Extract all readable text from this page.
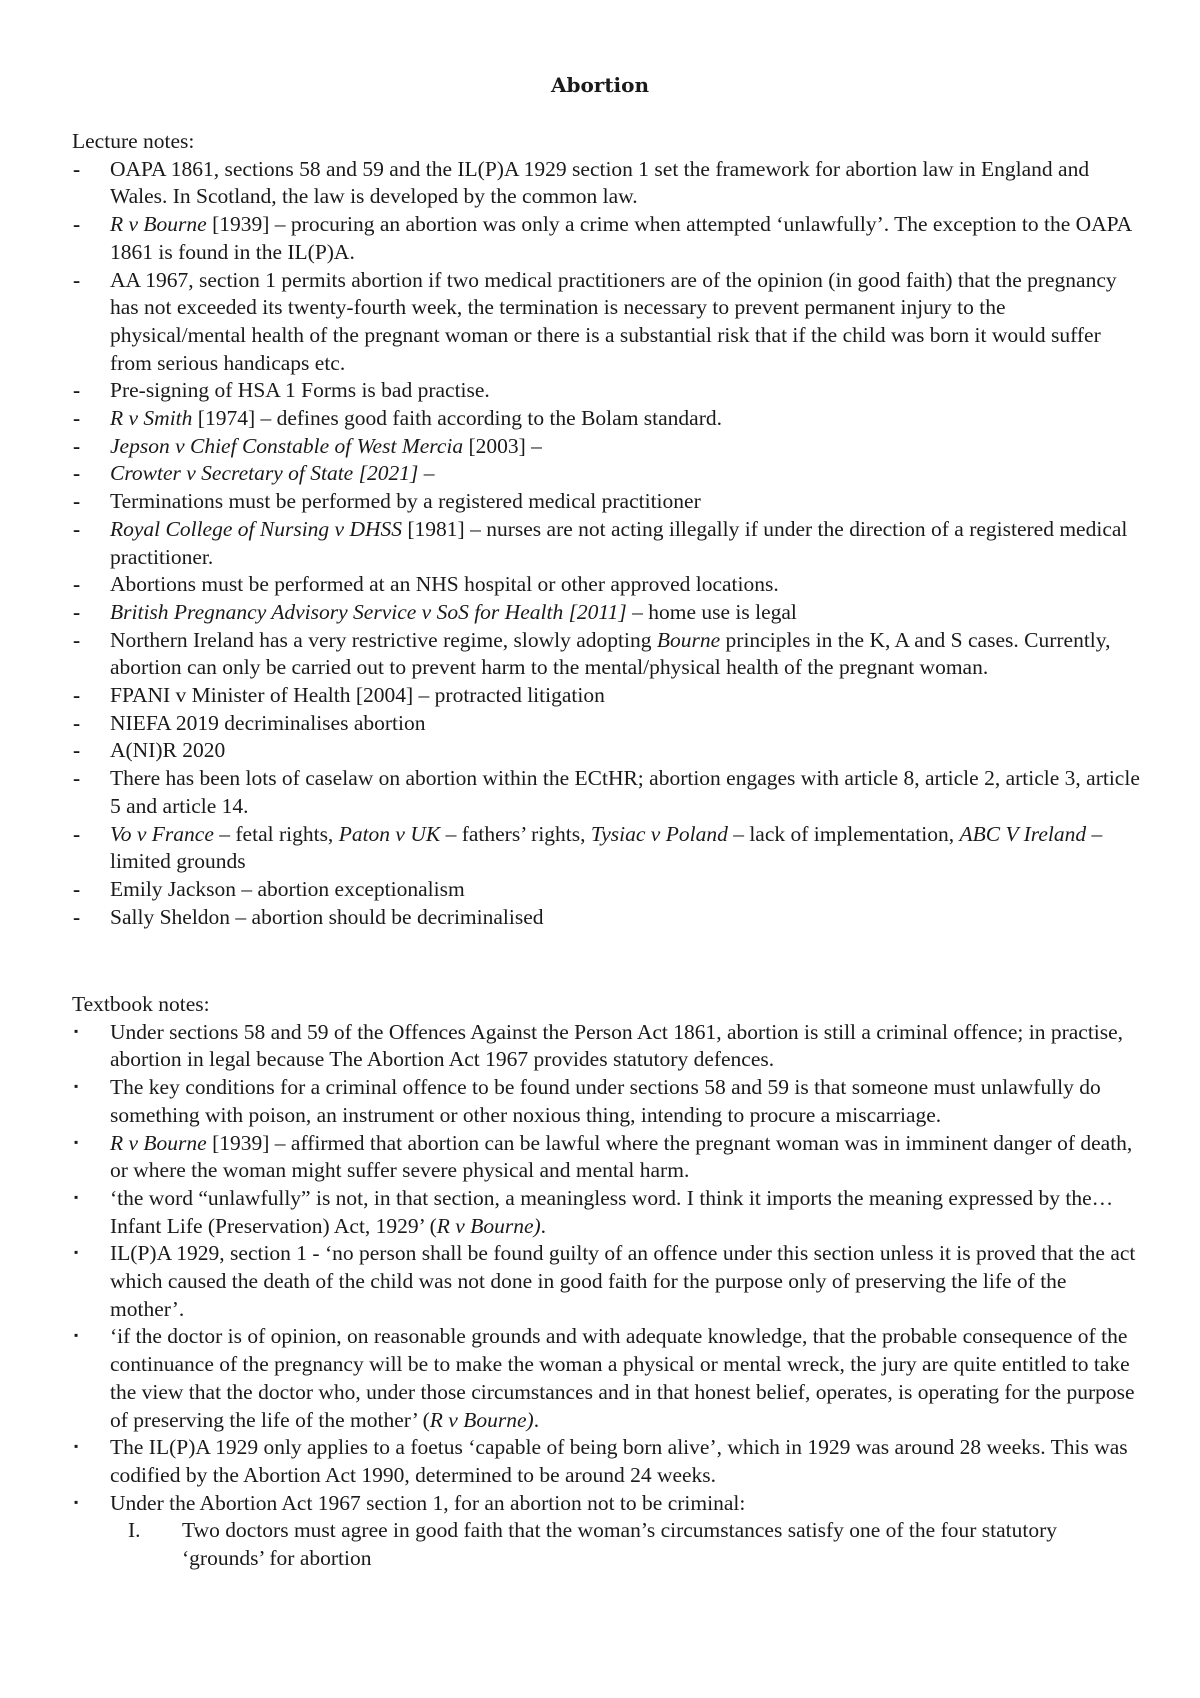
Abortion

Lecture notes:

- OAPA 1861, sections 58 and 59 and the IL(P)A 1929 section 1 set the framework for abortion law in England and Wales. In Scotland, the law is developed by the common law.
- R v Bourne [1939] – procuring an abortion was only a crime when attempted ‘unlawfully’. The exception to the OAPA 1861 is found in the IL(P)A.
- AA 1967, section 1 permits abortion if two medical practitioners are of the opinion (in good faith) that the pregnancy has not exceeded its twenty-fourth week, the termination is necessary to prevent permanent injury to the physical/mental health of the pregnant woman or there is a substantial risk that if the child was born it would suffer from serious handicaps etc.
- Pre-signing of HSA 1 Forms is bad practise.
- R v Smith [1974] – defines good faith according to the Bolam standard.
- Jepson v Chief Constable of West Mercia [2003] –
- Crowter v Secretary of State [2021] –
- Terminations must be performed by a registered medical practitioner
- Royal College of Nursing v DHSS [1981] – nurses are not acting illegally if under the direction of a registered medical practitioner.
- Abortions must be performed at an NHS hospital or other approved locations.
- British Pregnancy Advisory Service v SoS for Health [2011] – home use is legal
- Northern Ireland has a very restrictive regime, slowly adopting Bourne principles in the K, A and S cases. Currently, abortion can only be carried out to prevent harm to the mental/physical health of the pregnant woman.
- FPANI v Minister of Health [2004] – protracted litigation
- NIEFA 2019 decriminalises abortion
- A(NI)R 2020
- There has been lots of caselaw on abortion within the ECtHR; abortion engages with article 8, article 2, article 3, article 5 and article 14.
- Vo v France – fetal rights, Paton v UK – fathers’ rights, Tysiac v Poland – lack of implementation, ABC V Ireland – limited grounds
- Emily Jackson – abortion exceptionalism
- Sally Sheldon – abortion should be decriminalised

Textbook notes:

▪ Under sections 58 and 59 of the Offences Against the Person Act 1861, abortion is still a criminal offence; in practise, abortion in legal because The Abortion Act 1967 provides statutory defences.
▪ The key conditions for a criminal offence to be found under sections 58 and 59 is that someone must unlawfully do something with poison, an instrument or other noxious thing, intending to procure a miscarriage.
▪ R v Bourne [1939] – affirmed that abortion can be lawful where the pregnant woman was in imminent danger of death, or where the woman might suffer severe physical and mental harm.
▪ ‘the word “unlawfully” is not, in that section, a meaningless word. I think it imports the meaning expressed by the… Infant Life (Preservation) Act, 1929’ (R v Bourne).
▪ IL(P)A 1929, section 1 - ‘no person shall be found guilty of an offence under this section unless it is proved that the act which caused the death of the child was not done in good faith for the purpose only of preserving the life of the mother’.
▪ ‘if the doctor is of opinion, on reasonable grounds and with adequate knowledge, that the probable consequence of the continuance of the pregnancy will be to make the woman a physical or mental wreck, the jury are quite entitled to take the view that the doctor who, under those circumstances and in that honest belief, operates, is operating for the purpose of preserving the life of the mother’ (R v Bourne).
▪ The IL(P)A 1929 only applies to a foetus ‘capable of being born alive’, which in 1929 was around 28 weeks. This was codified by the Abortion Act 1990, determined to be around 24 weeks.
▪ Under the Abortion Act 1967 section 1, for an abortion not to be criminal:
I. Two doctors must agree in good faith that the woman’s circumstances satisfy one of the four statutory ‘grounds’ for abortion
